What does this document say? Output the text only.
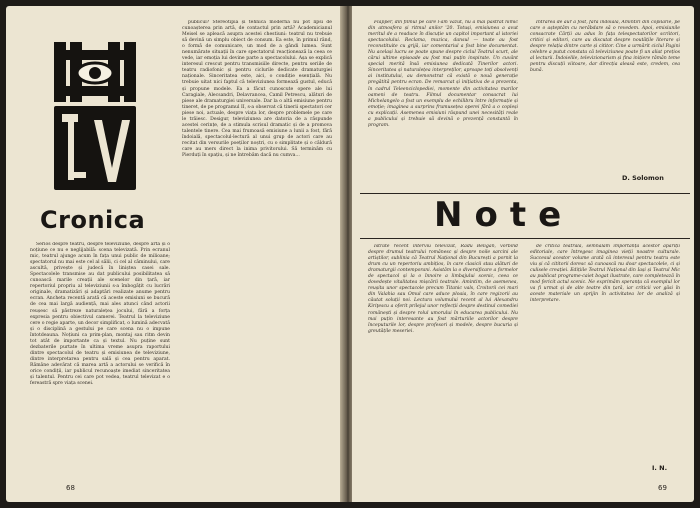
Cronica

Serios despre teatru, despre televiziune, despre artă și o noțiune ce nu e neglijabilă: scena televizată. Prin ecranul mic, teatrul ajunge acum în fața unui public de milioane; spectatorul nu mai este cel al sălii, ci cel al căminului, care ascultă, privește și judecă în liniștea casei sale. Spectacolele transmise au dat publicului posibilitatea să cunoască marile creații ale scenelor din țară, iar repertoriul propriu al televiziunii s-a îmbogățit cu lucrări originale, dramatizări și adaptări realizate anume pentru ecran. Ancheta recentă arată că aceste emisiuni se bucură de cea mai largă audiență, mai ales atunci când actorii reușesc să păstreze naturalețea jocului, fără a forța expresia pentru obiectivul camerei. Teatrul la televiziune cere o regie aparte, un decor simplificat, o lumină adecvată și o disciplină a gestului pe care scena nu o impune întotdeauna. Noțiuni ca prim-plan, montaj sau ritm devin tot atât de importante ca și textul. Nu puține sunt dezbaterile purtate în ultima vreme asupra raportului dintre spectacolul de teatru și emisiunea de televiziune, dintre interpretarea pentru sală și cea pentru aparat. Rămâne adevărat că marea artă a actorului se verifică în orice condiții, iar publicul recunoaște imediat sinceritatea și talentul. Pentru cei care pot vedea, teatrul televizat e o fereastră spre viața scenei.

publicul? Stereotipia și tehnica modernă nu pot lipsi de cunoașterea prin artă, de contactul prin artă? Academicianul Meisel se apleacă asupra acestei chestiuni: teatrul nu trebuie să devină un simplu obiect de consum. Ea este, în primul rând, o formă de comunicare, un mod de a gândi lumea. Sunt nenumărate situații în care spectatorul reacționează la ceea ce vede, iar emoția lui devine parte a spectacolului. Așa se explică interesul crescut pentru transmisiile directe, pentru seriile de teatru radiofonic și pentru ciclurile dedicate dramaturgiei naționale. Sinceritatea este, aici, o condiție esențială. Nu trebuie uitat nici faptul că televiziunea formează gustul, educă și propune modele. Ea a făcut cunoscute opere ale lui Caragiale, Alecsandri, Delavrancea, Camil Petrescu, alături de piese ale dramaturgiei universale. Dar la o altă emisiune pentru tineret, de pe programul II, s-a observat că tinerii spectatori cer piese noi, actuale, despre viața lor, despre problemele pe care le trăiesc. Desigur, televiziunea are datoria de a răspunde acestei cerințe, de a stimula scrisul dramatic și de a promova talentele tinere. Cea mai frumoasă emisiune a lunii a fost, fără îndoială, spectacolul-lectură al unui grup de actori care au recitat din versurile poeților noștri, cu o simplitate și o căldură care au mers direct la inima privitorului. Să terminăm cu Pierduți în spațiu, și ne întrebăm dacă nu cumva...

68

Flapper, din filmul pe care l-am văzut, nu a mai păstrat nimic din atmosfera și ritmul anilor '20. Totuși, emisiunea a avut meritul de a readuce în discuție un capitol important al istoriei spectacolului. Reclama, muzica, dansul — toate au fost reconstituite cu grijă, iar comentariul a fost bine documentat. Nu același lucru se poate spune despre ciclul Teatrul scurt, ale cărui ultime episoade au fost mai puțin inspirate. Un cuvânt special merită însă emisiunea dedicată Tinerilor actori. Sinceritatea și naturalețea interpreților, aproape toți absolvenți ai institutului, au demonstrat că există o nouă generație pregătită pentru ecran. De remarcat și inițiativa de a prezenta, în cadrul Teleenciclopediei, momente din activitatea marilor oameni de teatru. Filmul documentar consacrat lui Michelangelo a fost un exemplu de echilibru între informație și emoție; imaginea a surprins frumusețea operei fără a o copleși cu explicații. Asemenea emisiuni răspund unei necesități reale a publicului și trebuie să devină o prezență constantă în program.

Intrarea de aur a fost, fără îndoială, Amintiri din copilărie, pe care o așteptăm cu nerăbdare să o revedem. Apoi, emisiunile consacrate Cărții au adus în fața telespectatorilor scriitori, critici și editori, care au discutat despre noutățile literare și despre relația dintre carte și cititor. Cine a urmărit ciclul Pagini celebre a putut constata că televiziunea poate fi un aliat prețios al lecturii. Îndoielile, televizionarism și fina inițiere rămân teme pentru discuții viitoare, dar direcția aleasă este, credem, cea bună.

D. Solomon
Note

Istrate recent interviu televizat, Radu Beligan, vorbind despre drumul teatrului românesc și despre noile sarcini ale artiștilor, sublinia că Teatrul Național din București a pornit la drum cu un repertoriu ambițios, în care clasicii stau alături de dramaturgii contemporani. Asistăm la o diversificare a formelor de spectacol și la o înnoire a limbajului scenic, ceea ce dovedește vitalitatea mișcării teatrale. Amintim, de asemenea, reușita unor spectacole precum Titanic vals, Croitorii cei mari din Valahia sau Omul care aduce ploaia, în care regizorii au căutat soluții noi. Lectura volumului recent al lui Alexandru Kiriţescu a oferit prilejul unor reflecții despre destinul comediei românești și despre rolul umorului în educarea publicului. Nu mai puțin interesante au fost mărturiile actorilor despre începuturile lor, despre profesori și modele, despre bucuria și greutățile meseriei.

de critică teatrală, semnalăm importanța acestor apariții editoriale, care întregesc imaginea vieții noastre culturale. Succesul acestor volume arată că interesul pentru teatru este viu și că cititorii doresc să cunoască nu doar spectacolele, ci și culisele creației. Edițiile Teatrul Național din Iași și Teatrul Mic au publicat programe-caiet bogat ilustrate, care completează în mod fericit actul scenic. Ne exprimăm speranța că exemplul lor va fi urmat și de alte teatre din țară, iar criticii vor găsi în aceste materiale un sprijin în activitatea lor de analiză și interpretare.

I. N.
69
